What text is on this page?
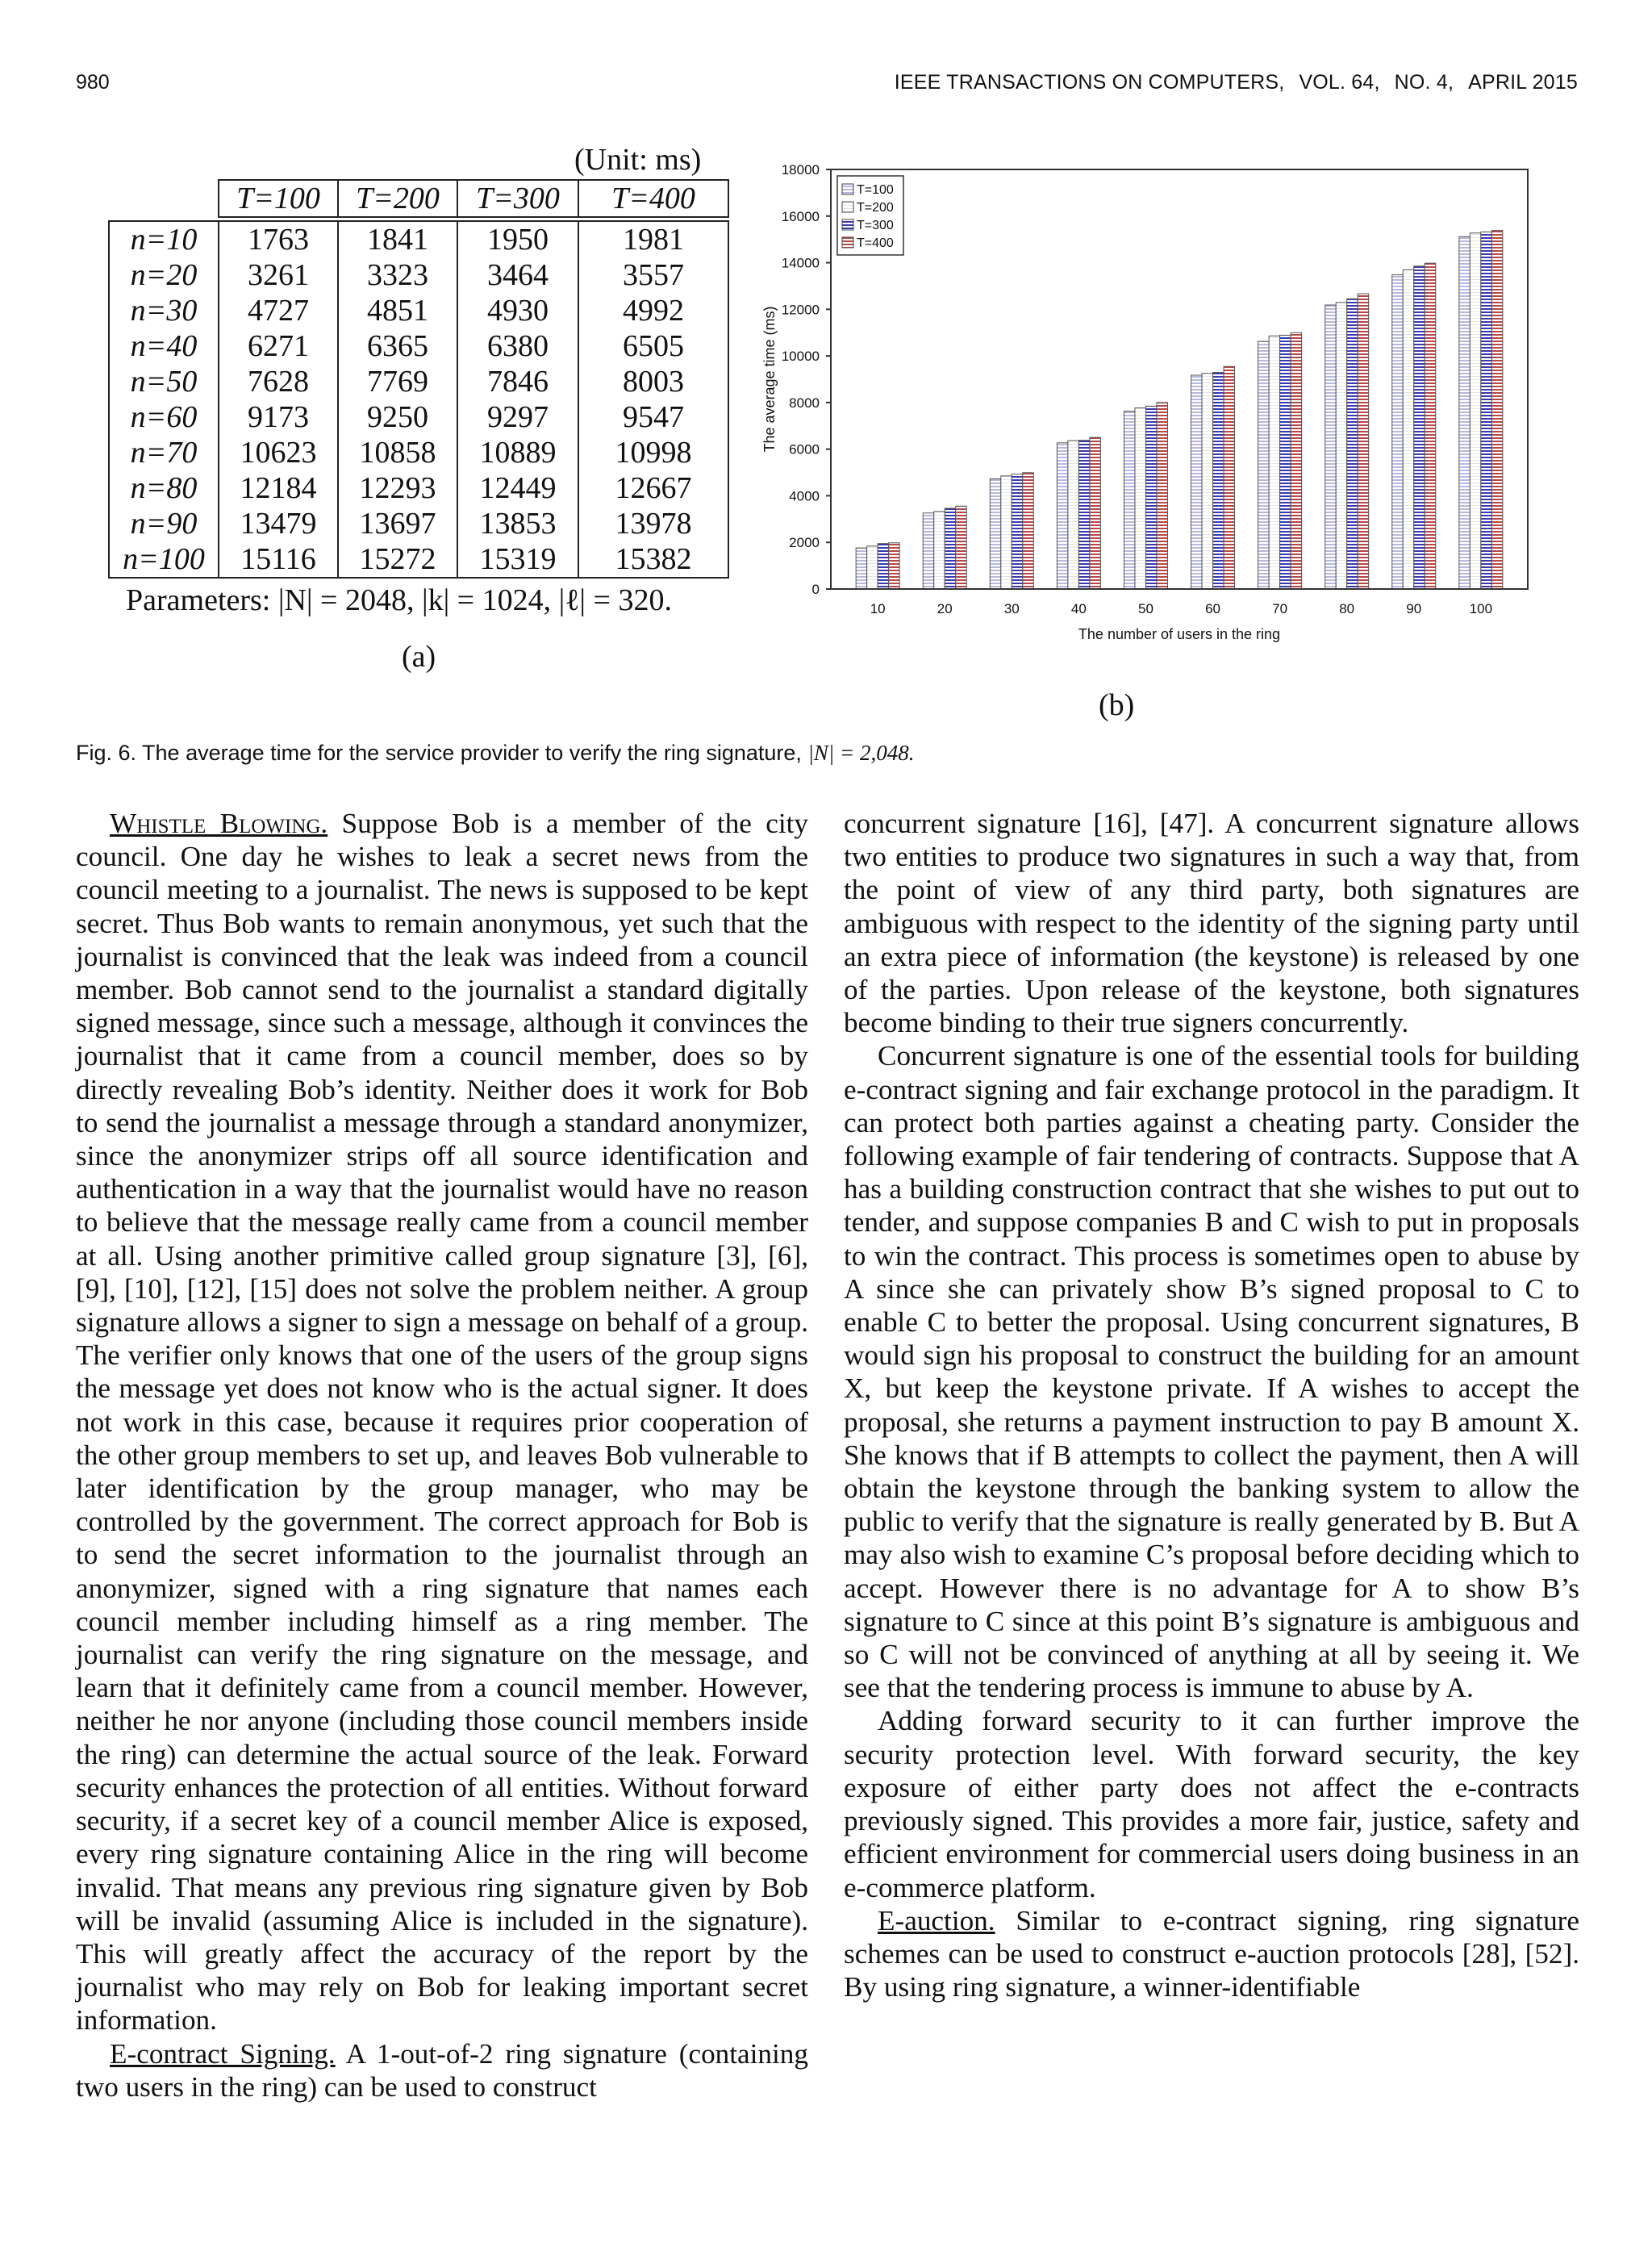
980	IEEE TRANSACTIONS ON COMPUTERS, VOL. 64, NO. 4, APRIL 2015
(Unit: ms)
	T=100	T=200	T=300	T=400

n=10	1763	1841	1950	1981
n=20	3261	3323	3464	3557
n=30	4727	4851	4930	4992
n=40	6271	6365	6380	6505
n=50	7628	7769	7846	8003
n=60	9173	9250	9297	9547
n=70	10623	10858	10889	10998
n=80	12184	12293	12449	12667
n=90	13479	13697	13853	13978
n=100	15116	15272	15319	15382
Parameters: |N| = 2048, |k| = 1024, |ℓ| = 320.
(a)
0
2000
4000
6000
8000
10000
12000
14000
16000
18000
10	20	30	40	50	60	70	80	90	100
The average time (ms)
The number of users in the ring
T=100
T=200
T=300
T=400
(b)
Fig. 6. The average time for the service provider to verify the ring signature, |N| = 2,048.

Whistle Blowing. Suppose Bob is a member of the city council. One day he wishes to leak a secret news from the council meeting to a journalist. The news is supposed to be kept secret. Thus Bob wants to remain anonymous, yet such that the journalist is convinced that the leak was indeed from a council member. Bob cannot send to the journalist a standard digitally signed message, since such a message, although it convinces the journalist that it came from a council member, does so by directly revealing Bob’s identity. Neither does it work for Bob to send the journalist a message through a standard anonymizer, since the anonymizer strips off all source identification and authentication in a way that the journalist would have no reason to believe that the message really came from a council member at all. Using another primitive called group signature [3], [6], [9], [10], [12], [15] does not solve the problem neither. A group signature allows a signer to sign a message on behalf of a group. The verifier only knows that one of the users of the group signs the message yet does not know who is the actual signer. It does not work in this case, because it requires prior cooperation of the other group members to set up, and leaves Bob vulnerable to later identification by the group manager, who may be controlled by the government. The correct approach for Bob is to send the secret information to the journalist through an anonymizer, signed with a ring signature that names each council member including himself as a ring member. The journalist can verify the ring signature on the message, and learn that it definitely came from a council member. However, neither he nor anyone (including those council members inside the ring) can determine the actual source of the leak. Forward security enhances the protection of all entities. Without forward security, if a secret key of a council member Alice is exposed, every ring signature containing Alice in the ring will become invalid. That means any previous ring signature given by Bob will be invalid (assuming Alice is included in the signature). This will greatly affect the accuracy of the report by the journalist who may rely on Bob for leaking important secret information.

E-contract Signing. A 1-out-of-2 ring signature (containing two users in the ring) can be used to construct

concurrent signature [16], [47]. A concurrent signature allows two entities to produce two signatures in such a way that, from the point of view of any third party, both signatures are ambiguous with respect to the identity of the signing party until an extra piece of information (the keystone) is released by one of the parties. Upon release of the keystone, both signatures become binding to their true signers concurrently.

Concurrent signature is one of the essential tools for building e-contract signing and fair exchange protocol in the paradigm. It can protect both parties against a cheating party. Consider the following example of fair tendering of contracts. Suppose that A has a building construction contract that she wishes to put out to tender, and suppose companies B and C wish to put in proposals to win the contract. This process is sometimes open to abuse by A since she can privately show B’s signed proposal to C to enable C to better the proposal. Using concurrent signatures, B would sign his proposal to construct the building for an amount X, but keep the keystone private. If A wishes to accept the proposal, she returns a payment instruction to pay B amount X. She knows that if B attempts to collect the payment, then A will obtain the keystone through the banking system to allow the public to verify that the signature is really generated by B. But A may also wish to examine C’s proposal before deciding which to accept. However there is no advantage for A to show B’s signature to C since at this point B’s signature is ambiguous and so C will not be convinced of anything at all by seeing it. We see that the tendering process is immune to abuse by A.

Adding forward security to it can further improve the security protection level. With forward security, the key exposure of either party does not affect the e-contracts previously signed. This provides a more fair, justice, safety and efficient environment for commercial users doing business in an e-commerce platform.

E-auction. Similar to e-contract signing, ring signature schemes can be used to construct e-auction protocols [28], [52]. By using ring signature, a winner-identifiable
